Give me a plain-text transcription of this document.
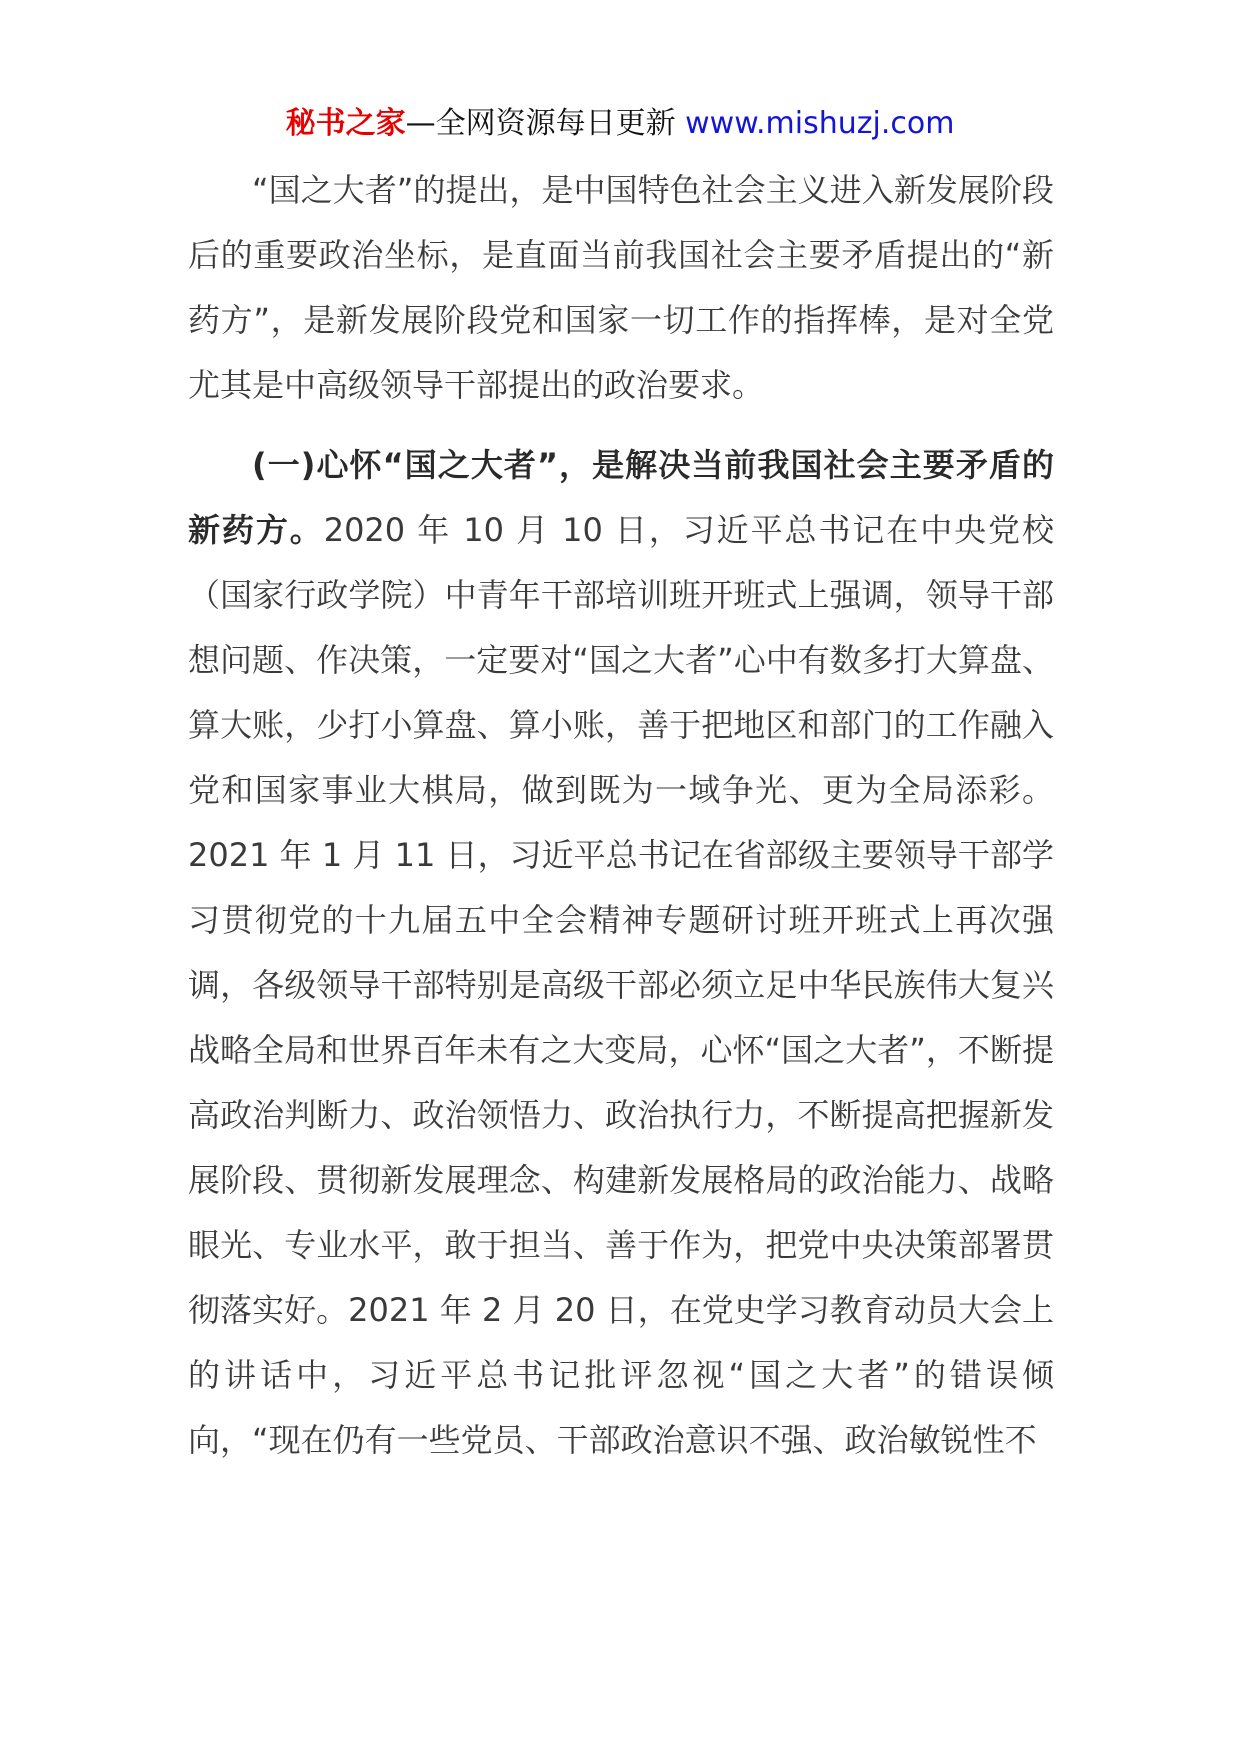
秘书之家—全网资源每日更新 www.mishuzj.com

“国之大者”的提出，是中国特色社会主义进入新发展阶段后的重要政治坐标，是直面当前我国社会主要矛盾提出的“新药方”，是新发展阶段党和国家一切工作的指挥棒，是对全党尤其是中高级领导干部提出的政治要求。

(一)心怀“国之大者”，是解决当前我国社会主要矛盾的新药方。2020 年 10 月 10 日，习近平总书记在中央党校（国家行政学院）中青年干部培训班开班式上强调，领导干部想问题、作决策，一定要对“国之大者”心中有数多打大算盘、算大账，少打小算盘、算小账，善于把地区和部门的工作融入党和国家事业大棋局，做到既为一域争光、更为全局添彩。2021 年 1 月 11 日，习近平总书记在省部级主要领导干部学习贯彻党的十九届五中全会精神专题研讨班开班式上再次强调，各级领导干部特别是高级干部必须立足中华民族伟大复兴战略全局和世界百年未有之大变局，心怀“国之大者”，不断提高政治判断力、政治领悟力、政治执行力，不断提高把握新发展阶段、贯彻新发展理念、构建新发展格局的政治能力、战略眼光、专业水平，敢于担当、善于作为，把党中央决策部署贯彻落实好。2021 年 2 月 20 日，在党史学习教育动员大会上的讲话中，习近平总书记批评忽视“国之大者”的错误倾向，“现在仍有一些党员、干部政治意识不强、政治敏锐性不
